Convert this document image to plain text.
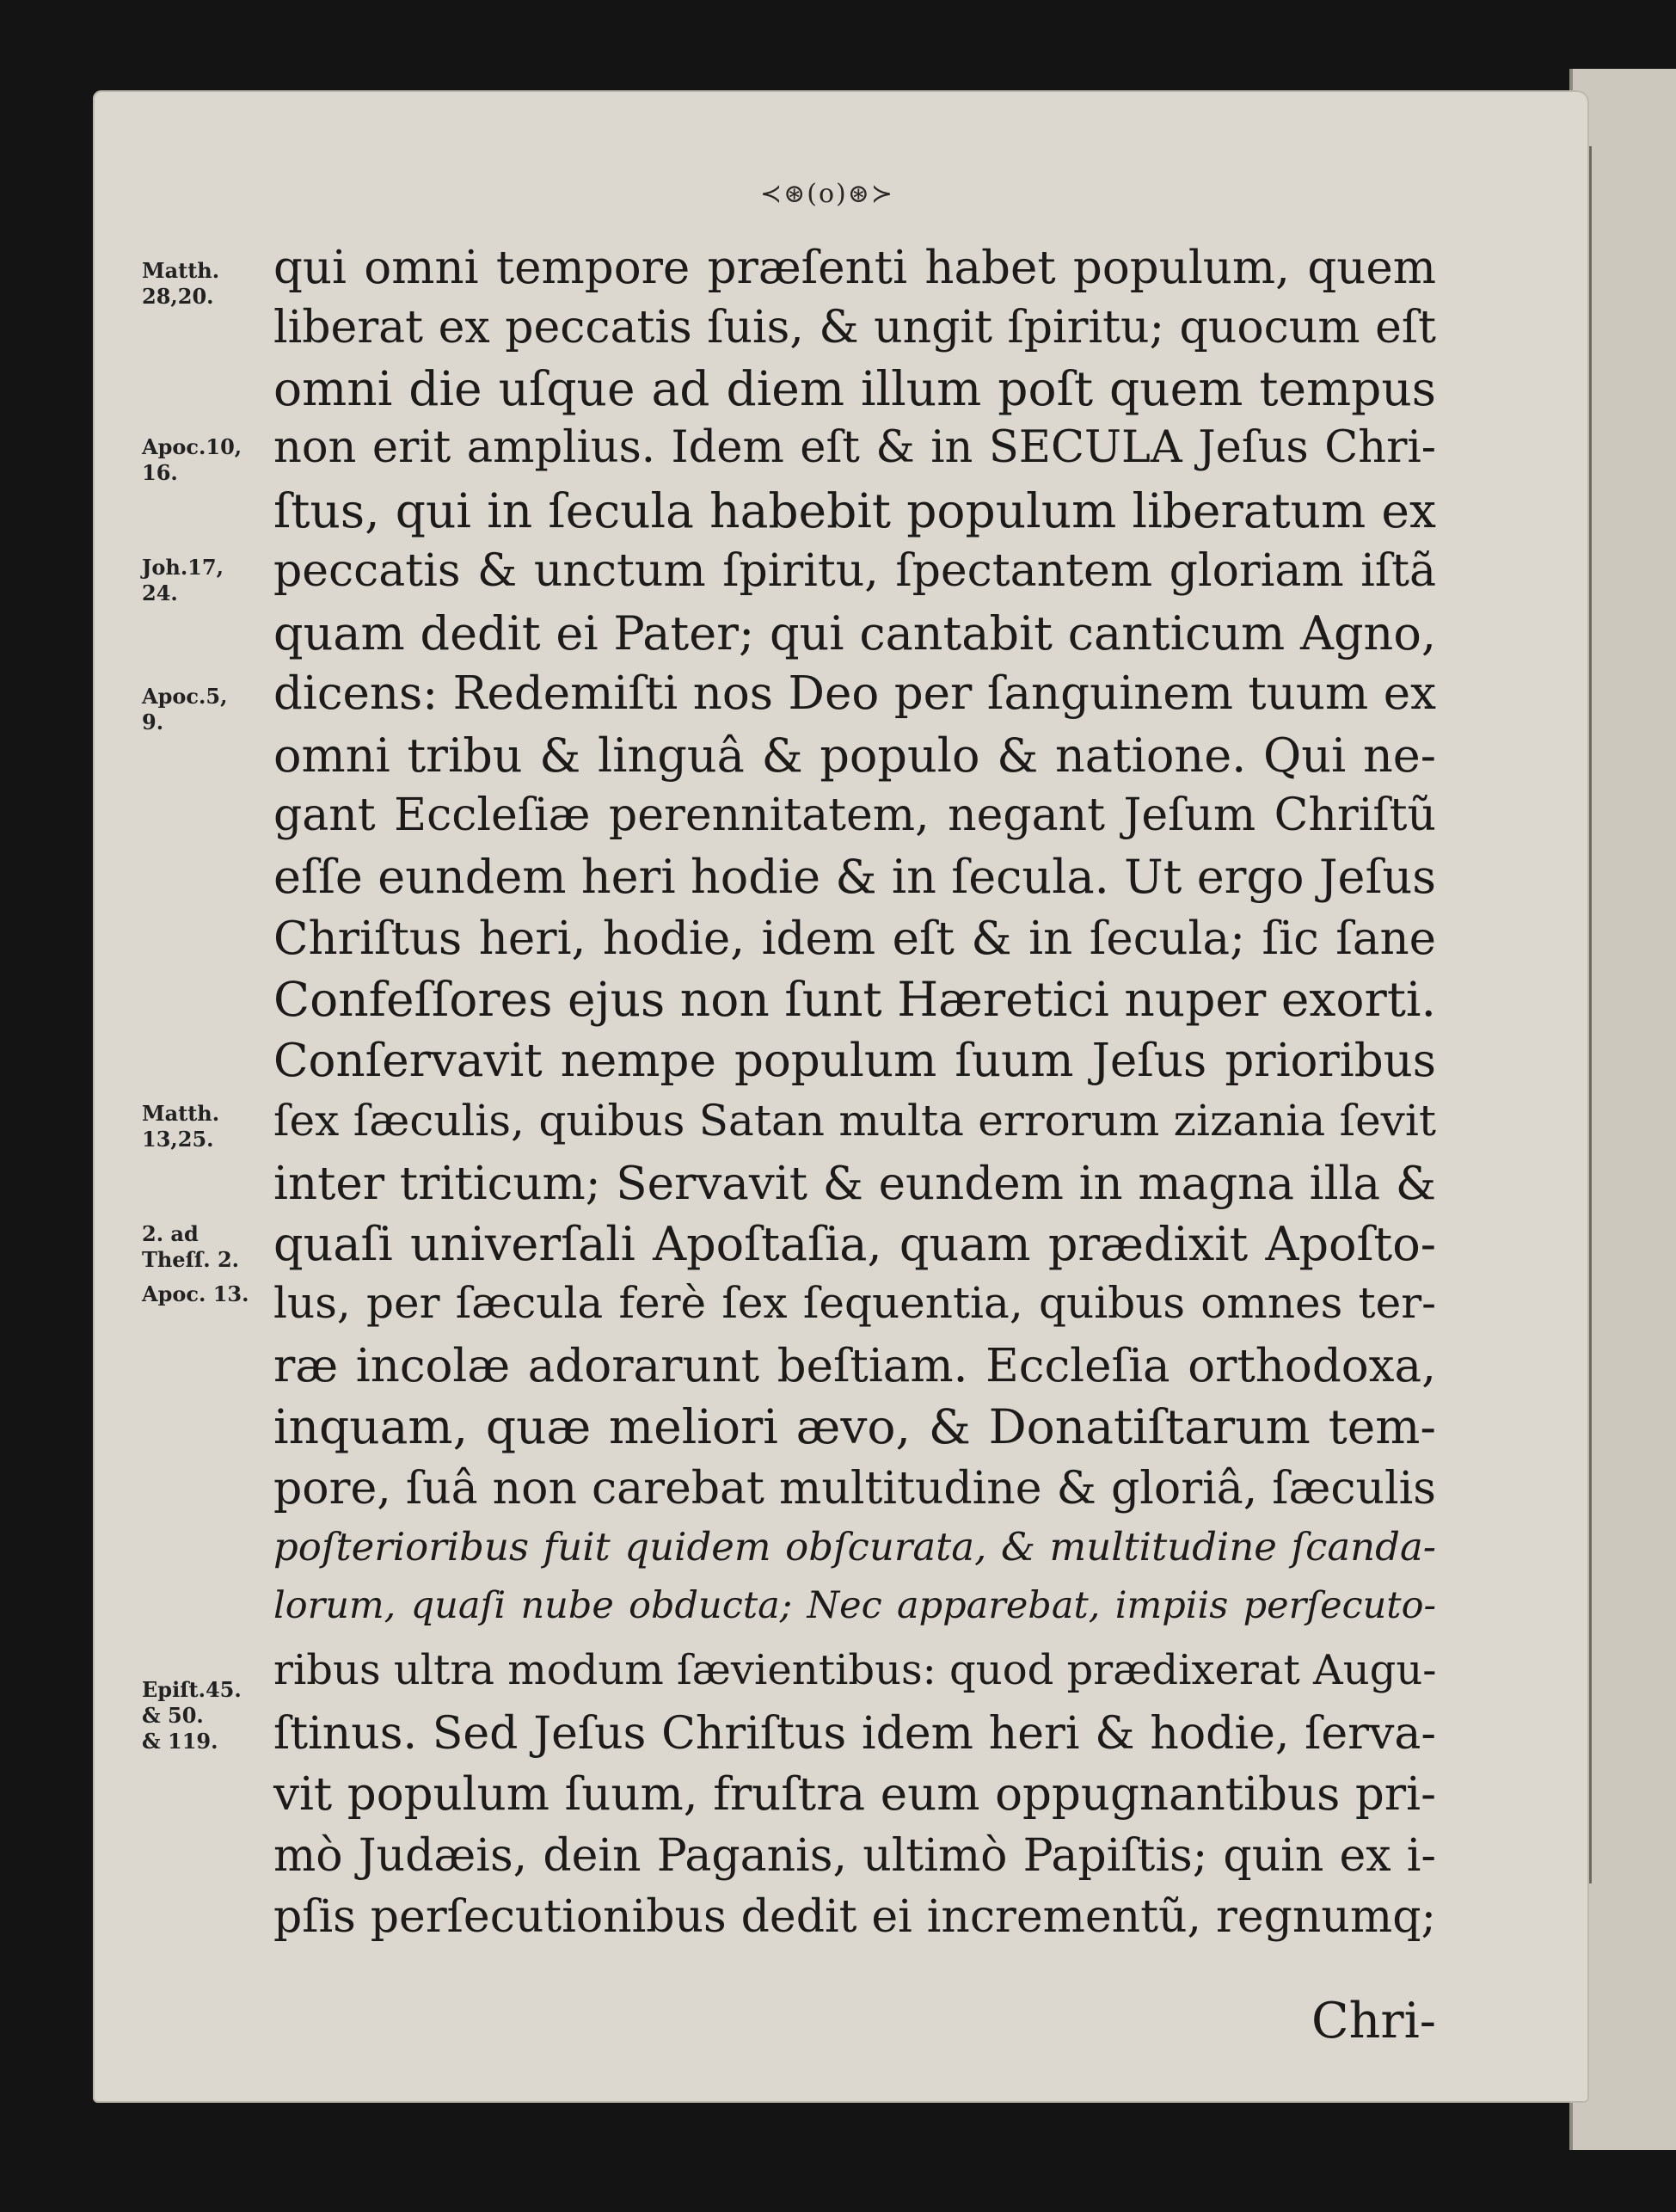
≺⊛(o)⊛≻

qui omni tempore præſenti habet populum, quem

liberat ex peccatis ſuis, & ungit ſpiritu; quocum eſt

omni die uſque ad diem illum poſt quem tempus

non erit amplius. Idem eſt & in SECULA Jeſus Chri-

ſtus, qui in ſecula habebit populum liberatum ex

peccatis & unctum ſpiritu, ſpectantem gloriam iſtã

quam dedit ei Pater; qui cantabit canticum Agno,

dicens: Redemiſti nos Deo per ſanguinem tuum ex

omni tribu & linguâ & populo & natione. Qui ne-

gant Eccleſiæ perennitatem, negant Jeſum Chriſtũ

eſſe eundem heri hodie & in ſecula. Ut ergo Jeſus

Chriſtus heri, hodie, idem eſt & in ſecula; ſic ſane

Confeſſores ejus non ſunt Hæretici nuper exorti.

Conſervavit nempe populum ſuum Jeſus prioribus

ſex ſæculis, quibus Satan multa errorum zizania ſevit

inter triticum; Servavit & eundem in magna illa &

quaſi univerſali Apoſtaſia, quam prædixit Apoſto-

lus, per ſæcula ferè ſex ſequentia, quibus omnes ter-

ræ incolæ adorarunt beſtiam. Eccleſia orthodoxa,

inquam, quæ meliori ævo, & Donatiſtarum tem-

pore, ſuâ non carebat multitudine & gloriâ, ſæculis

poſterioribus fuit quidem obſcurata, & multitudine ſcanda-

lorum, quaſi nube obducta; Nec apparebat, impiis perſecuto-

ribus ultra modum ſævientibus: quod prædixerat Augu-

ſtinus. Sed Jeſus Chriſtus idem heri & hodie, ſerva-

vit populum ſuum, fruſtra eum oppugnantibus pri-

mò Judæis, dein Paganis, ultimò Papiſtis; quin ex i-

pſis perſecutionibus dedit ei incrementũ, regnumq;

Chri-

Matth.
28,20.
Apoc.10,
16.
Joh.17,
24.
Apoc.5,
9.
Matth.
13,25.
2. ad
Theſſ. 2.
Apoc. 13.
Epiſt.45.
& 50.
& 119.
